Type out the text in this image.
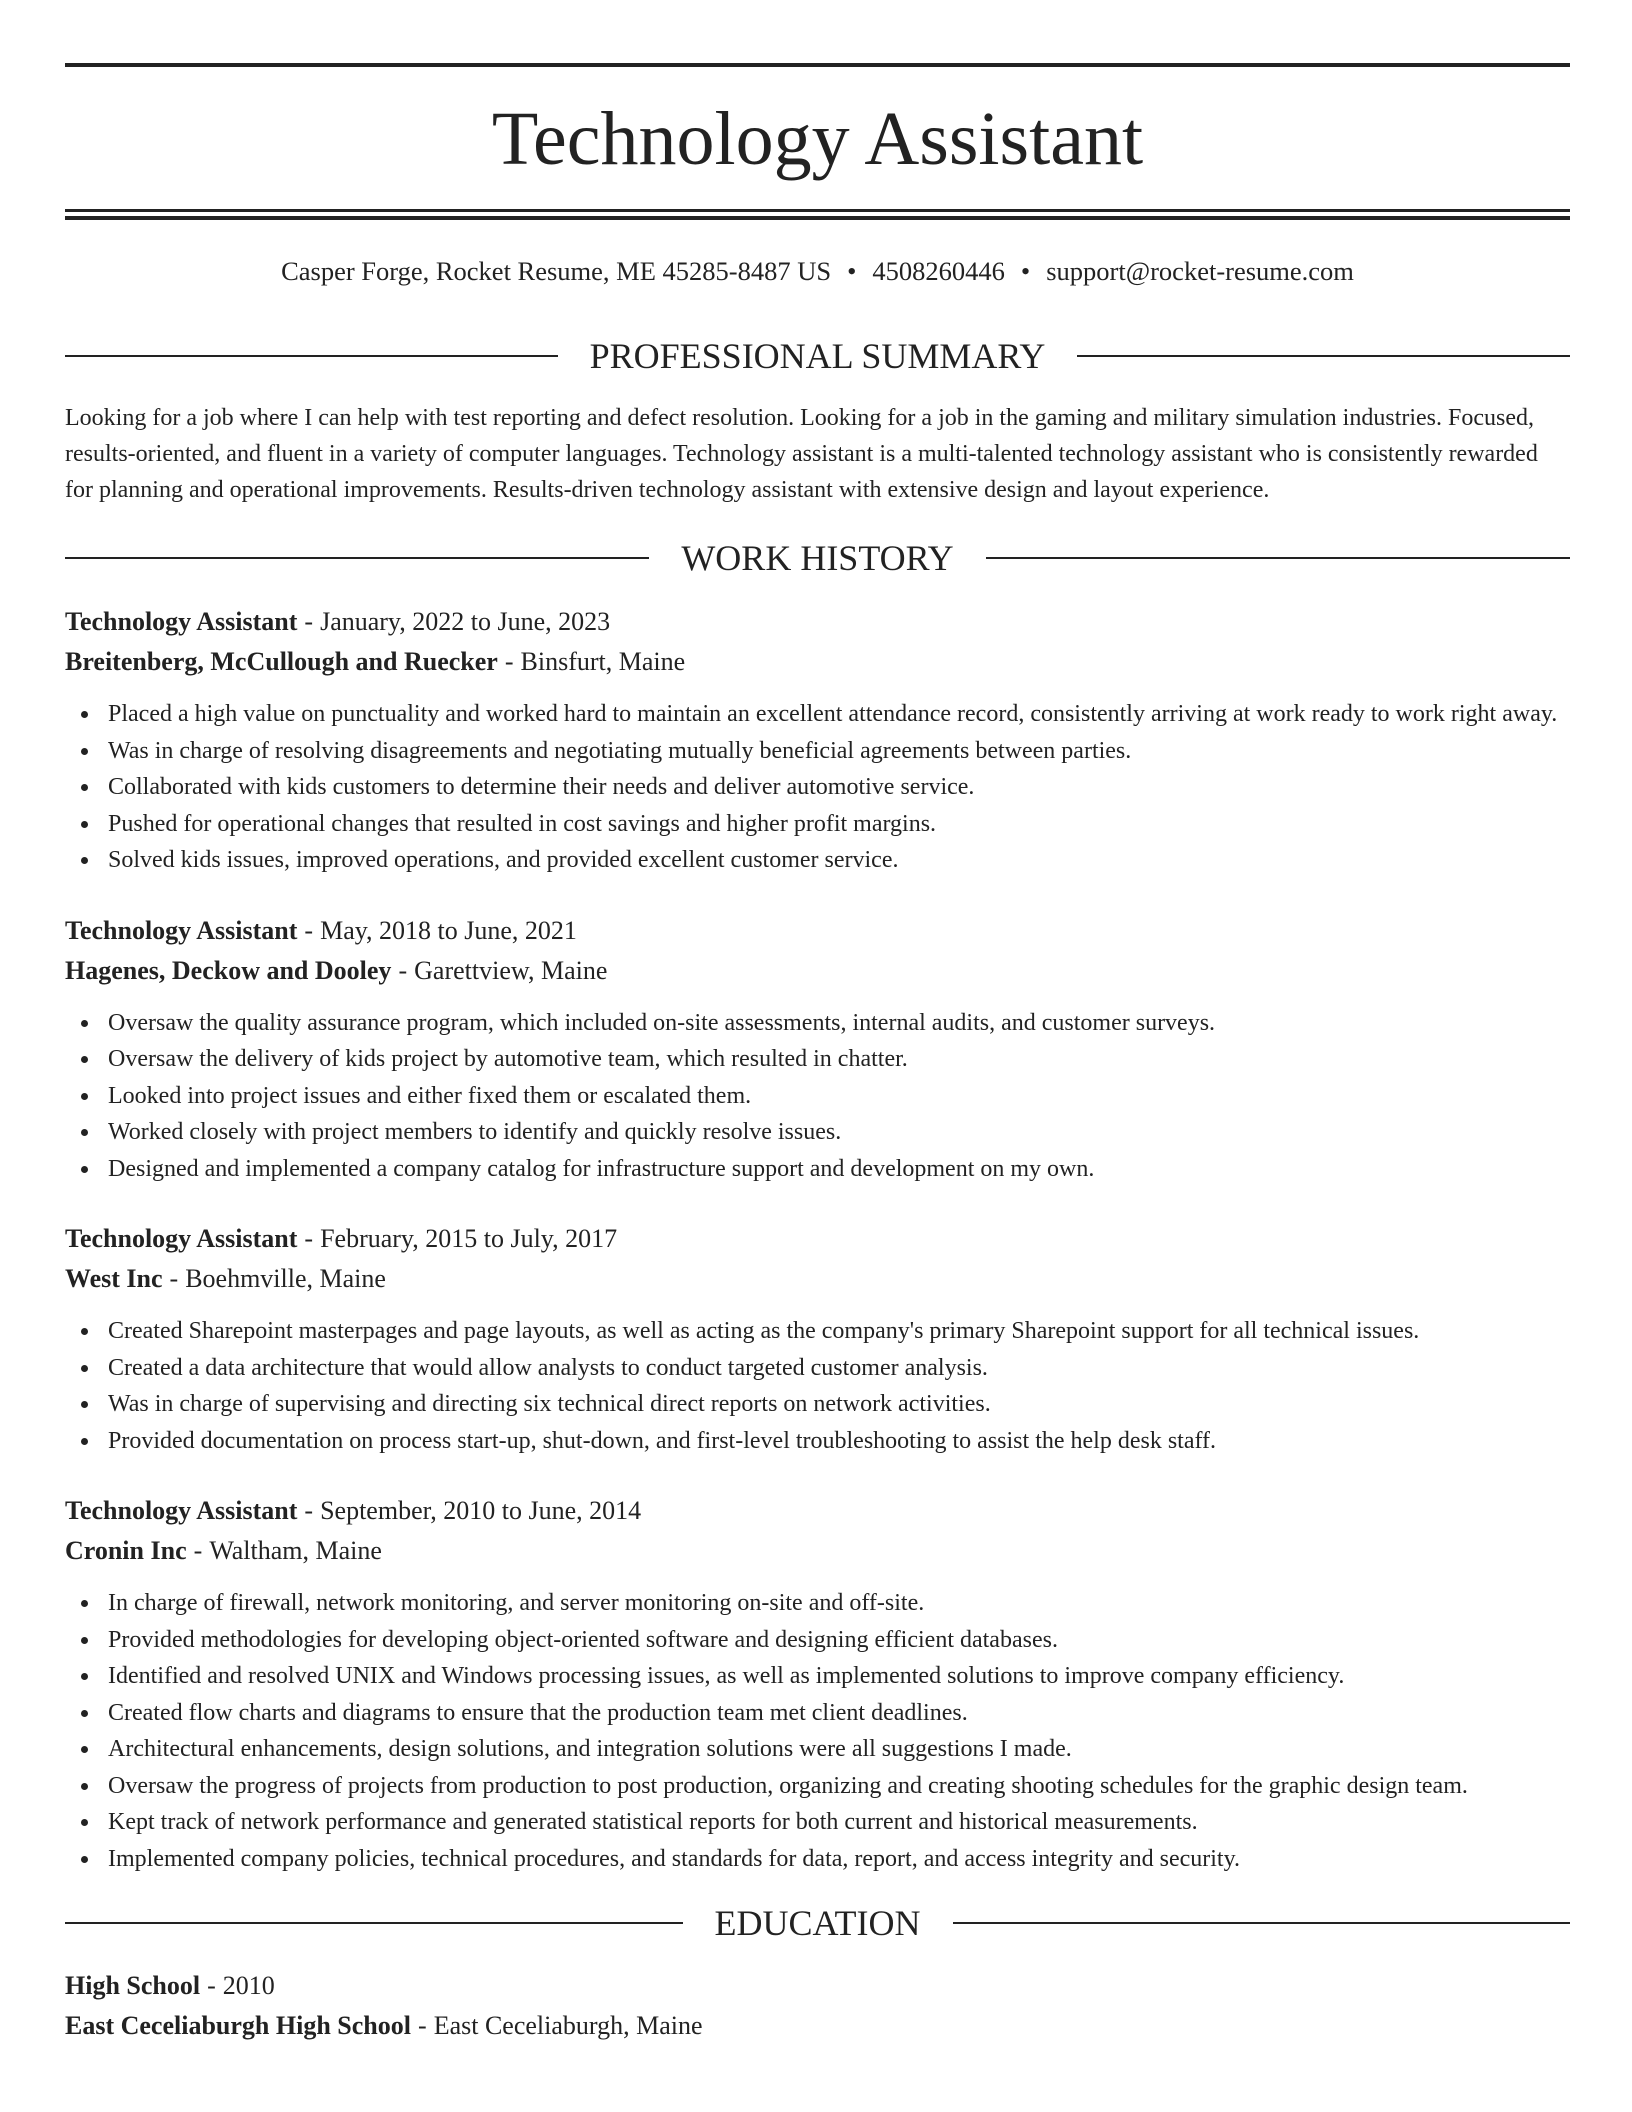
Technology Assistant
Casper Forge, Rocket Resume, ME 45285-8487 US • 4508260446 • support@rocket-resume.com
PROFESSIONAL SUMMARY

Looking for a job where I can help with test reporting and defect resolution. Looking for a job in the gaming and military simulation industries. Focused, results-oriented, and fluent in a variety of computer languages. Technology assistant is a multi-talented technology assistant who is consistently rewarded for planning and operational improvements. Results-driven technology assistant with extensive design and layout experience.

WORK HISTORY
Technology Assistant - January, 2022 to June, 2023
Breitenberg, McCullough and Ruecker - Binsfurt, Maine
Placed a high value on punctuality and worked hard to maintain an excellent attendance record, consistently arriving at work ready to work right away.
Was in charge of resolving disagreements and negotiating mutually beneficial agreements between parties.
Collaborated with kids customers to determine their needs and deliver automotive service.
Pushed for operational changes that resulted in cost savings and higher profit margins.
Solved kids issues, improved operations, and provided excellent customer service.
Technology Assistant - May, 2018 to June, 2021
Hagenes, Deckow and Dooley - Garettview, Maine
Oversaw the quality assurance program, which included on-site assessments, internal audits, and customer surveys.
Oversaw the delivery of kids project by automotive team, which resulted in chatter.
Looked into project issues and either fixed them or escalated them.
Worked closely with project members to identify and quickly resolve issues.
Designed and implemented a company catalog for infrastructure support and development on my own.
Technology Assistant - February, 2015 to July, 2017
West Inc - Boehmville, Maine
Created Sharepoint masterpages and page layouts, as well as acting as the company's primary Sharepoint support for all technical issues.
Created a data architecture that would allow analysts to conduct targeted customer analysis.
Was in charge of supervising and directing six technical direct reports on network activities.
Provided documentation on process start-up, shut-down, and first-level troubleshooting to assist the help desk staff.
Technology Assistant - September, 2010 to June, 2014
Cronin Inc - Waltham, Maine
In charge of firewall, network monitoring, and server monitoring on-site and off-site.
Provided methodologies for developing object-oriented software and designing efficient databases.
Identified and resolved UNIX and Windows processing issues, as well as implemented solutions to improve company efficiency.
Created flow charts and diagrams to ensure that the production team met client deadlines.
Architectural enhancements, design solutions, and integration solutions were all suggestions I made.
Oversaw the progress of projects from production to post production, organizing and creating shooting schedules for the graphic design team.
Kept track of network performance and generated statistical reports for both current and historical measurements.
Implemented company policies, technical procedures, and standards for data, report, and access integrity and security.
EDUCATION
High School - 2010
East Ceceliaburgh High School - East Ceceliaburgh, Maine
